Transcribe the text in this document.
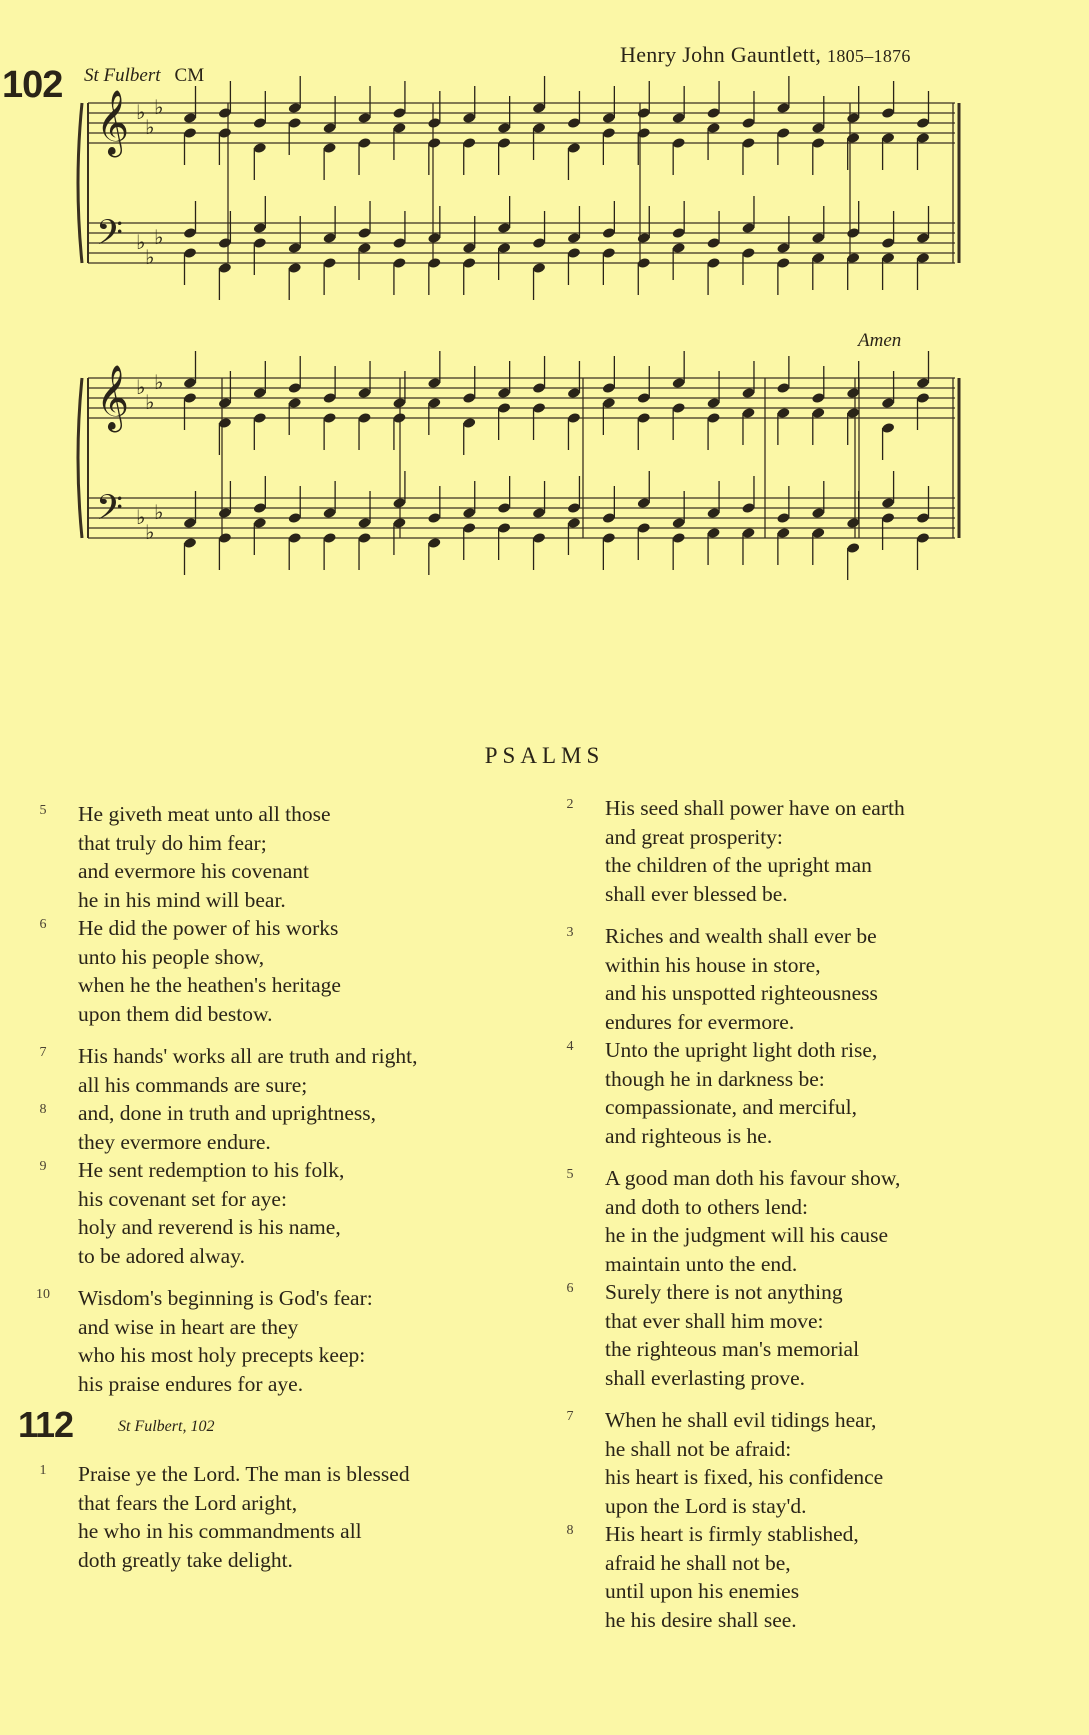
102 St Fulbert CM
Henry John Gauntlett, 1805–1876
Amen
𝄞 ♭
♭
♭
𝄢 ♭
♭
♭
𝄞 ♭
♭
♭
𝄢 ♭
♭
♭
PSALMS
5	He giveth meat unto all those
that truly do him fear;
and evermore his covenant
he in his mind will bear.
6	He did the power of his works
unto his people show,
when he the heathen's heritage
upon them did bestow.
7	His hands' works all are truth and right,
all his commands are sure;
8	and, done in truth and uprightness,
they evermore endure.
9	He sent redemption to his folk,
his covenant set for aye:
holy and reverend is his name,
to be adored alway.
10	Wisdom's beginning is God's fear:
and wise in heart are they
who his most holy precepts keep:
his praise endures for aye.
112	St Fulbert, 102
1	Praise ye the Lord. The man is blessed
that fears the Lord aright,
he who in his commandments all
doth greatly take delight.
2	His seed shall power have on earth
and great prosperity:
the children of the upright man
shall ever blessed be.
3	Riches and wealth shall ever be
within his house in store,
and his unspotted righteousness
endures for evermore.
4	Unto the upright light doth rise,
though he in darkness be:
compassionate, and merciful,
and righteous is he.
5	A good man doth his favour show,
and doth to others lend:
he in the judgment will his cause
maintain unto the end.
6	Surely there is not anything
that ever shall him move:
the righteous man's memorial
shall everlasting prove.
7	When he shall evil tidings hear,
he shall not be afraid:
his heart is fixed, his confidence
upon the Lord is stay'd.
8	His heart is firmly stablished,
afraid he shall not be,
until upon his enemies
he his desire shall see.
